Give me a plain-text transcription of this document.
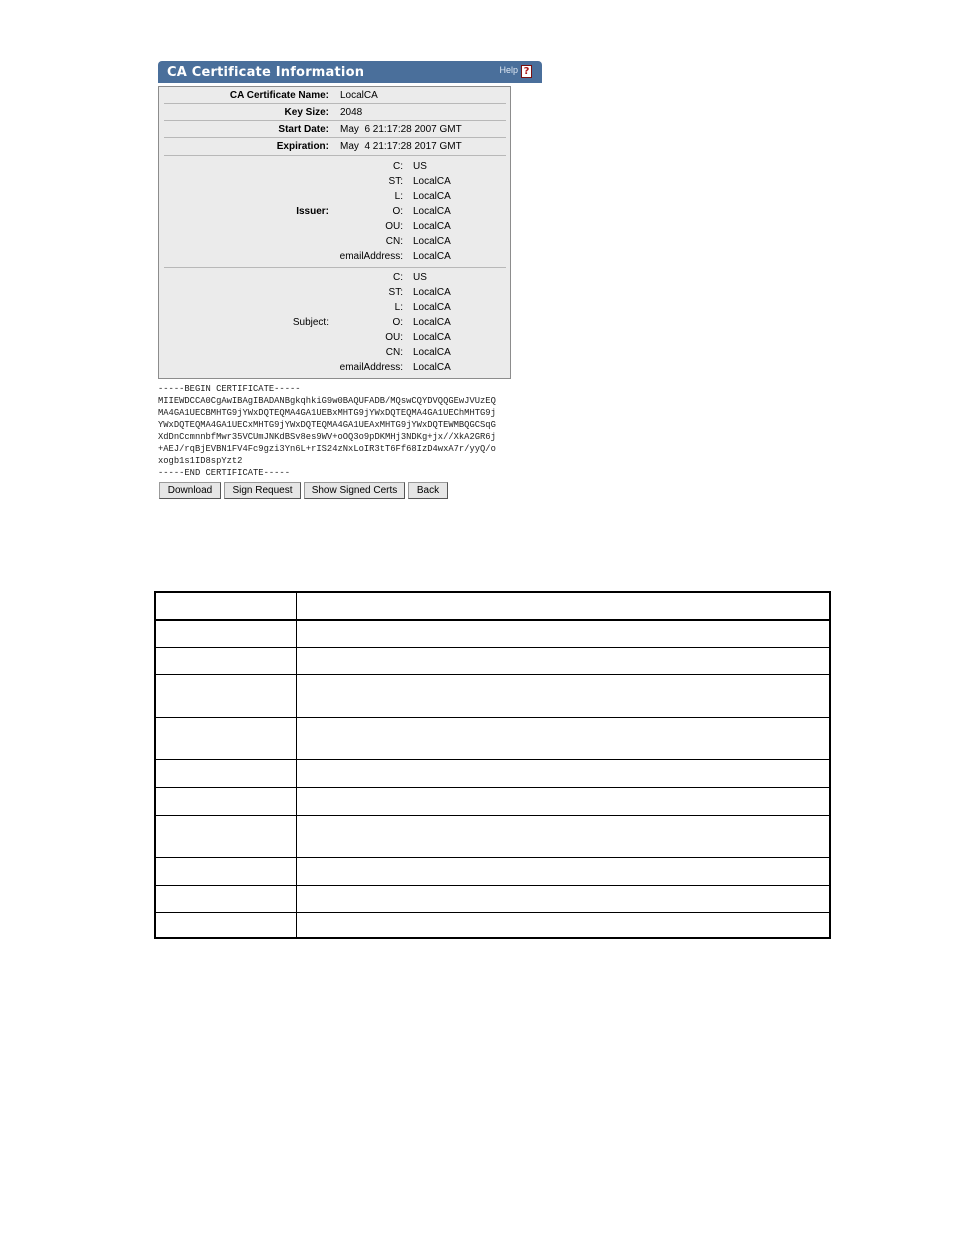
CA Certificate Information	Help ?
CA Certificate Name: LocalCA
Key Size: 2048
Start Date: May  6 21:17:28 2007 GMT
Expiration: May  4 21:17:28 2017 GMT
Issuer:
C: US
ST: LocalCA
L: LocalCA
O: LocalCA
OU: LocalCA
CN: LocalCA
emailAddress: LocalCA
Subject:
C: US
ST: LocalCA
L: LocalCA
O: LocalCA
OU: LocalCA
CN: LocalCA
emailAddress: LocalCA
-----BEGIN CERTIFICATE-----
MIIEWDCCA0CgAwIBAgIBADANBgkqhkiG9w0BAQUFADB/MQswCQYDVQQGEwJVUzEQ
MA4GA1UECBMHTG9jYWxDQTEQMA4GA1UEBxMHTG9jYWxDQTEQMA4GA1UEChMHTG9j
YWxDQTEQMA4GA1UECxMHTG9jYWxDQTEQMA4GA1UEAxMHTG9jYWxDQTEWMBQGCSqG
XdDnCcmnnbfMwr35VCUmJNKdBSv8es9WV+oOQ3o9pDKMHj3NDKg+jx//XkA2GR6j
+AEJ/rqBjEVBN1FV4Fc9gzi3Yn6L+rIS24zNxLoIR3tT6Ff68IzD4wxA7r/yyQ/o
xogb1s1ID8spYzt2
-----END CERTIFICATE-----
Download	Sign Request	Show Signed Certs	Back
